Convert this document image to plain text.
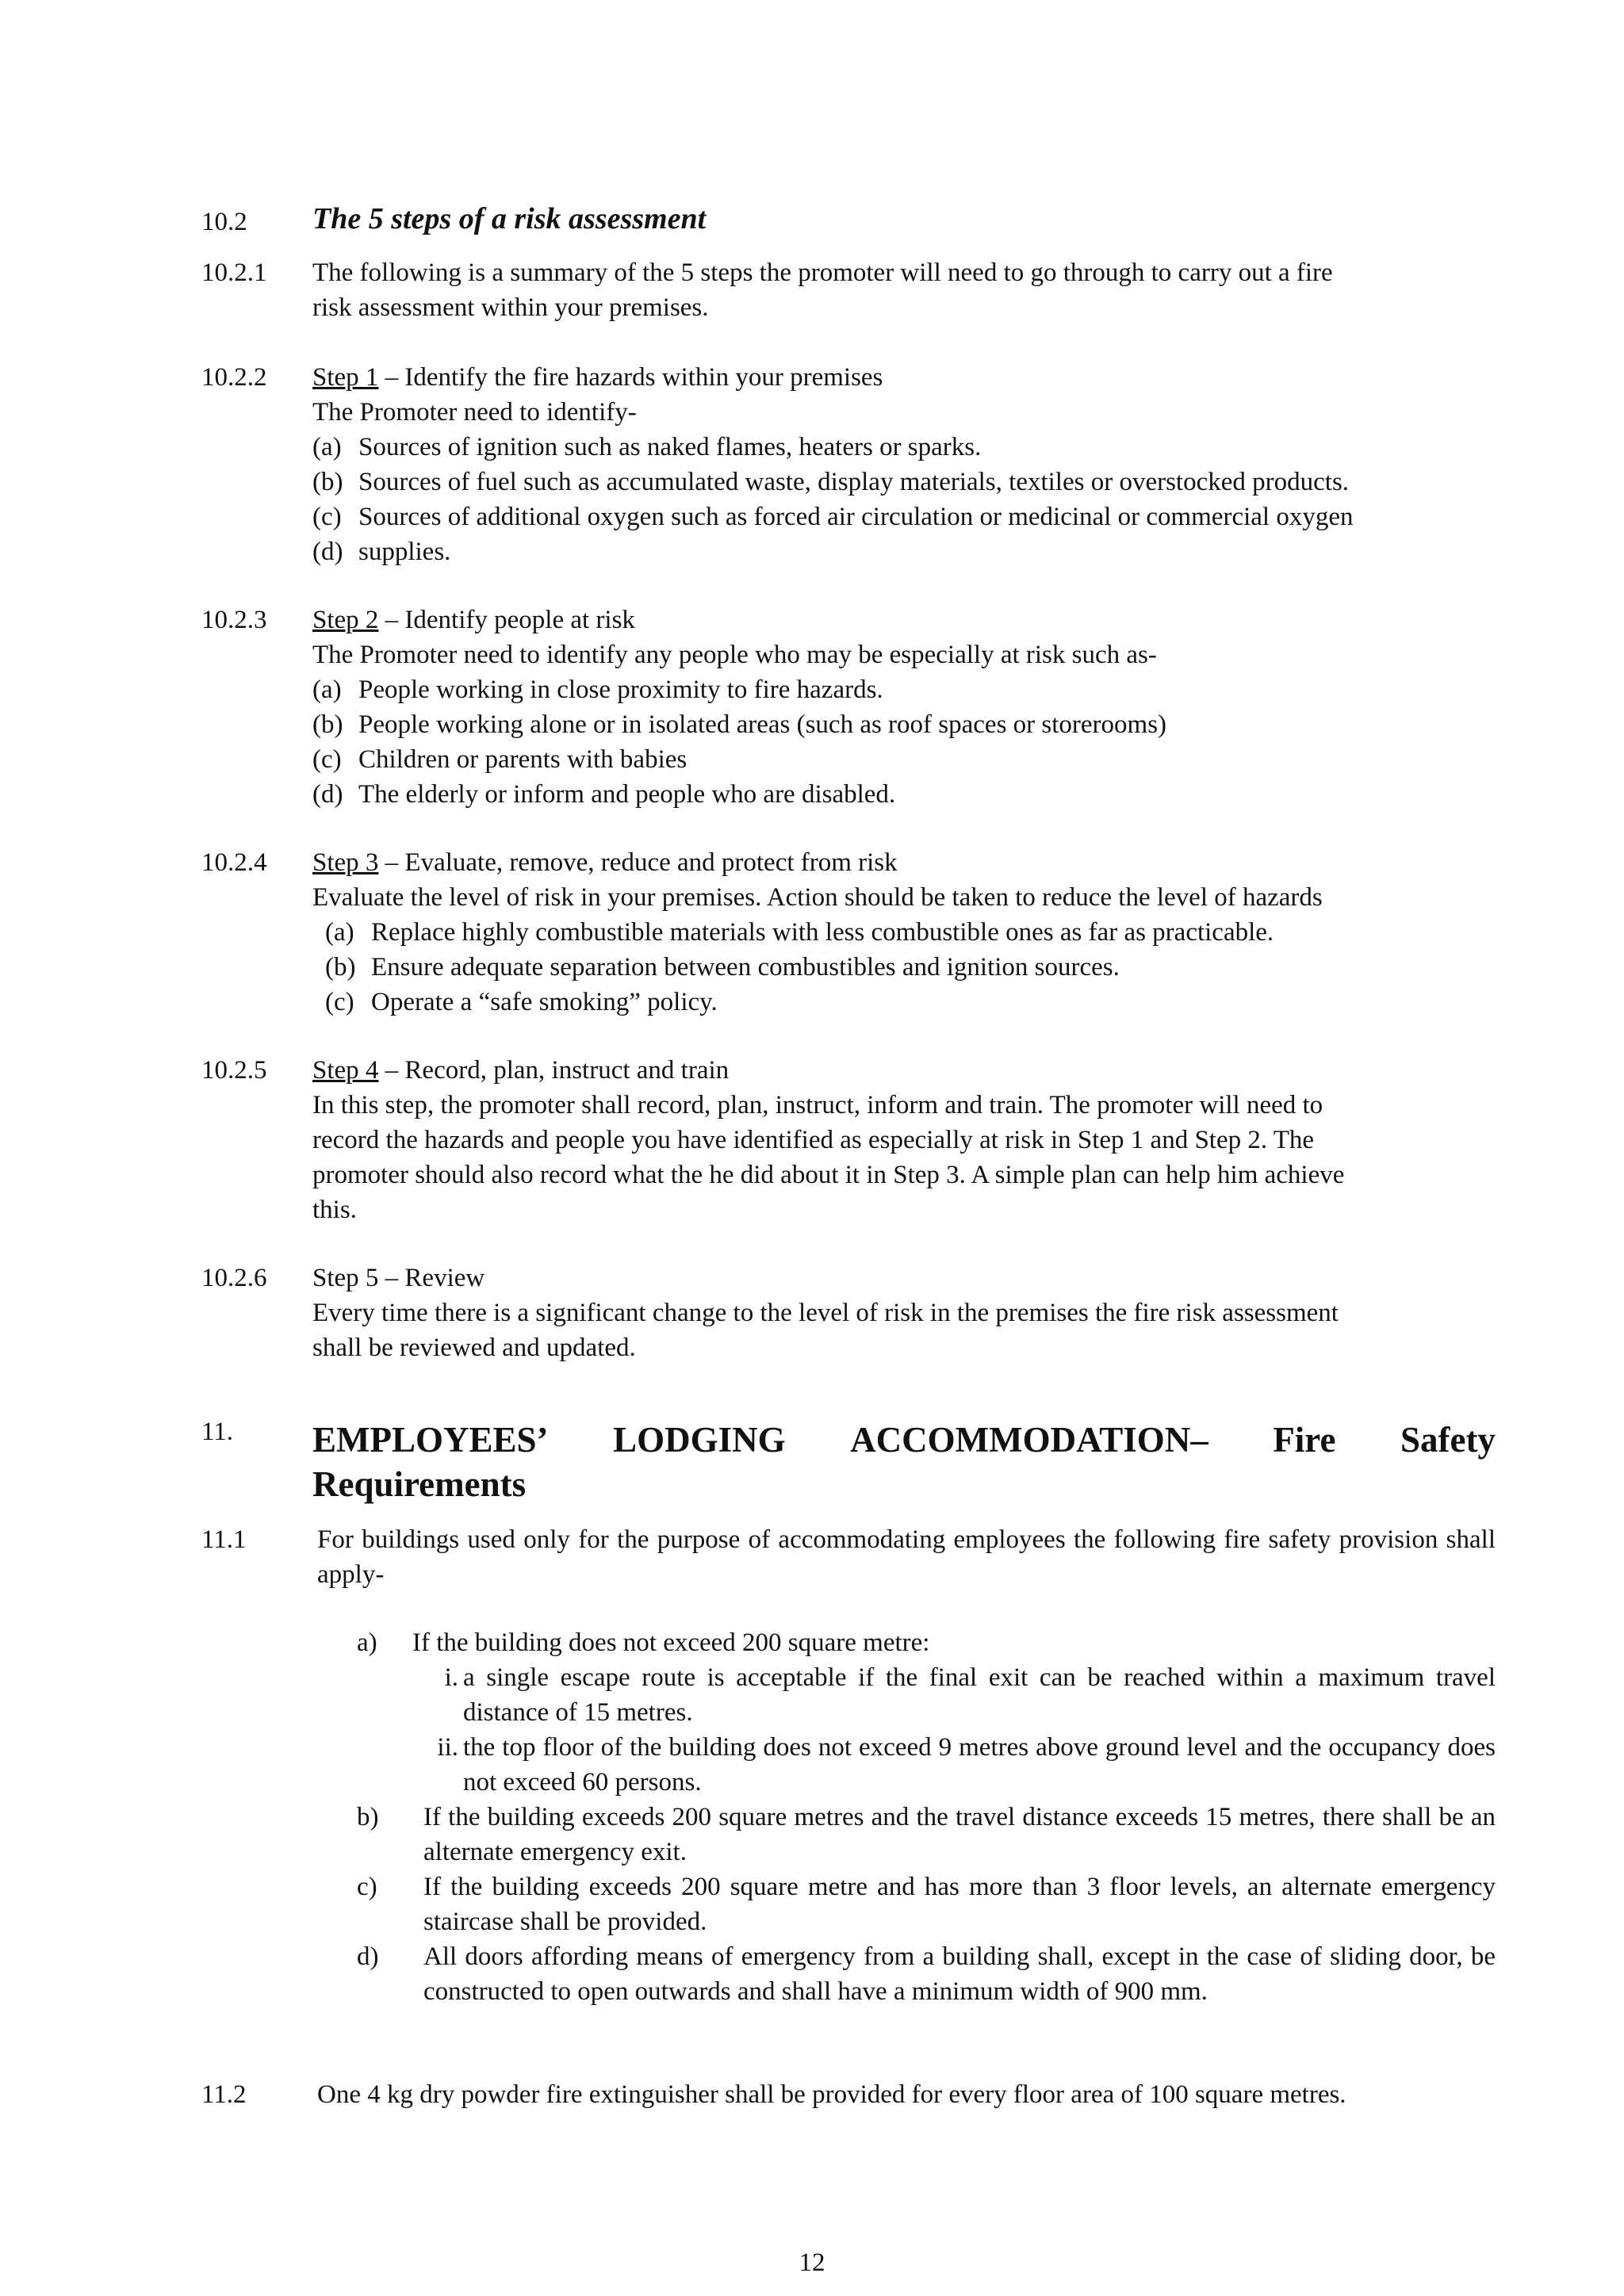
10.2 The 5 steps of a risk assessment
10.2.1 The following is a summary of the 5 steps the promoter will need to go through to carry out a fire
risk assessment within your premises.
10.2.2 Step 1 – Identify the fire hazards within your premises
The Promoter need to identify-
(a) Sources of ignition such as naked flames, heaters or sparks.
(b) Sources of fuel such as accumulated waste, display materials, textiles or overstocked products.
(c) Sources of additional oxygen such as forced air circulation or medicinal or commercial oxygen
(d) supplies.
10.2.3 Step 2 – Identify people at risk
The Promoter need to identify any people who may be especially at risk such as-
(a) People working in close proximity to fire hazards.
(b) People working alone or in isolated areas (such as roof spaces or storerooms)
(c) Children or parents with babies
(d) The elderly or inform and people who are disabled.
10.2.4 Step 3 – Evaluate, remove, reduce and protect from risk
Evaluate the level of risk in your premises. Action should be taken to reduce the level of hazards
(a) Replace highly combustible materials with less combustible ones as far as practicable.
(b) Ensure adequate separation between combustibles and ignition sources.
(c) Operate a “safe smoking” policy.
10.2.5 Step 4 – Record, plan, instruct and train
In this step, the promoter shall record, plan, instruct, inform and train. The promoter will need to
record the hazards and people you have identified as especially at risk in Step 1 and Step 2. The
promoter should also record what the he did about it in Step 3. A simple plan can help him achieve
this.
10.2.6 Step 5 – Review
Every time there is a significant change to the level of risk in the premises the fire risk assessment
shall be reviewed and updated.
11. EMPLOYEES’ LODGING ACCOMMODATION– Fire Safety
Requirements
11.1	For buildings used only for the purpose of accommodating employees the following fire safety provision shall apply-
a) If the building does not exceed 200 square metre:
i. a single escape route is acceptable if the final exit can be reached within a maximum travel distance of 15 metres.
ii. the top floor of the building does not exceed 9 metres above ground level and the occupancy does not exceed 60 persons.
b) If the building exceeds 200 square metres and the travel distance exceeds 15 metres, there shall be an alternate emergency exit.
c) If the building exceeds 200 square metre and has more than 3 floor levels, an alternate emergency staircase shall be provided.
d) All doors affording means of emergency from a building shall, except in the case of sliding door, be constructed to open outwards and shall have a minimum width of 900 mm.
11.2	One 4 kg dry powder fire extinguisher shall be provided for every floor area of 100 square metres.
12
